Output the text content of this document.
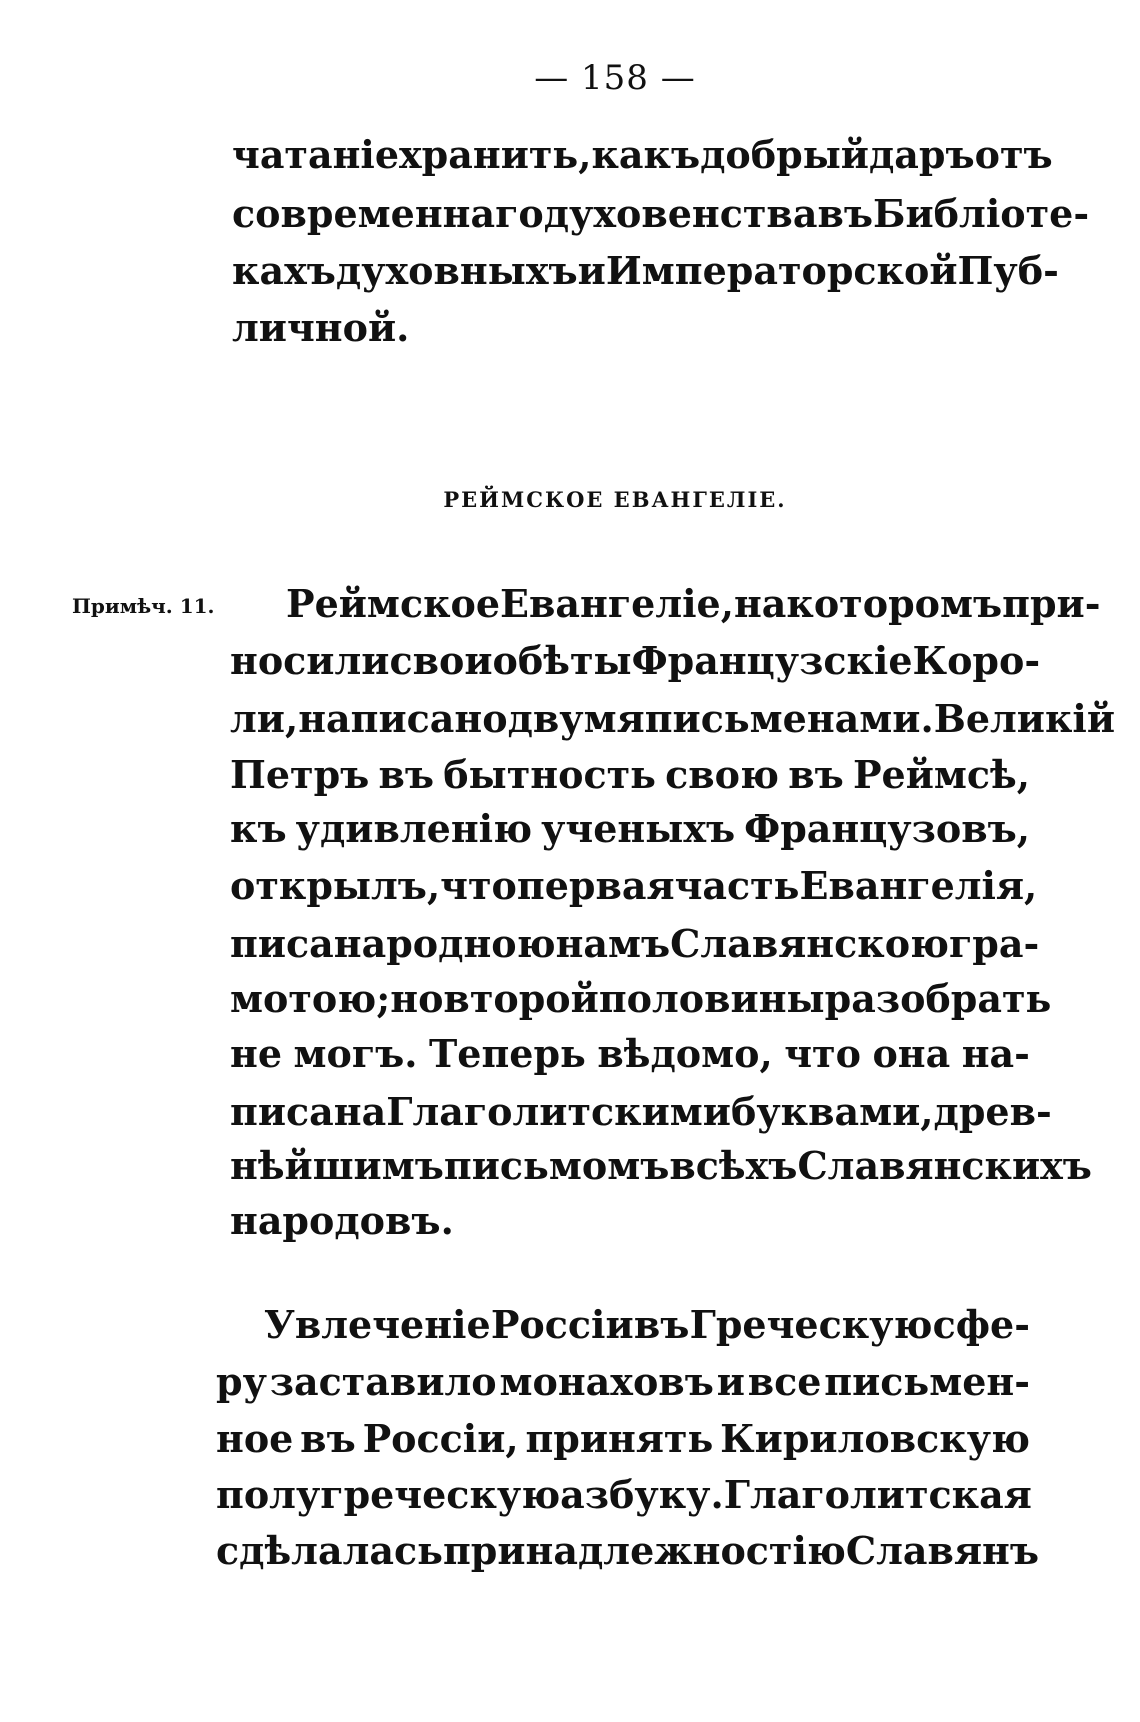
— 158 —
чатаніе хранить, какъ добрый даръ отъ
современнаго духовенства въ Библіоте-
кахъ духовныхъ и Императорской Пуб-
личной.
РЕЙМСКОЕ ЕВАНГЕЛІЕ.
Примѣч. 11. РеймскоеЕвангеліе, накоторомъ при-
носили свои обѣты Французскіе Коро-
ли, написано двумя письменами. Великій
Петръ въ бытность свою въ Реймсѣ,
къ удивленію ученыхъ Французовъ,
открылъ, что первая часть Евангелія,
писана родною намъ Славянскою гра-
мотою; но второй половины разобрать
не могъ. Теперь вѣдомо, что она на-
писана Глаголитскими буквами, древ-
нѣйшимъ письмомъ всѣхъ Славянскихъ
народовъ.
Увлеченіе Россіи въ Греческую сфе-
ру заставило монаховъ и все письмен-
ное въ Россіи, принять Кириловскую
полугреческую азбуку. Глаголитская
сдѣлалась принадлежностію Славянъ
